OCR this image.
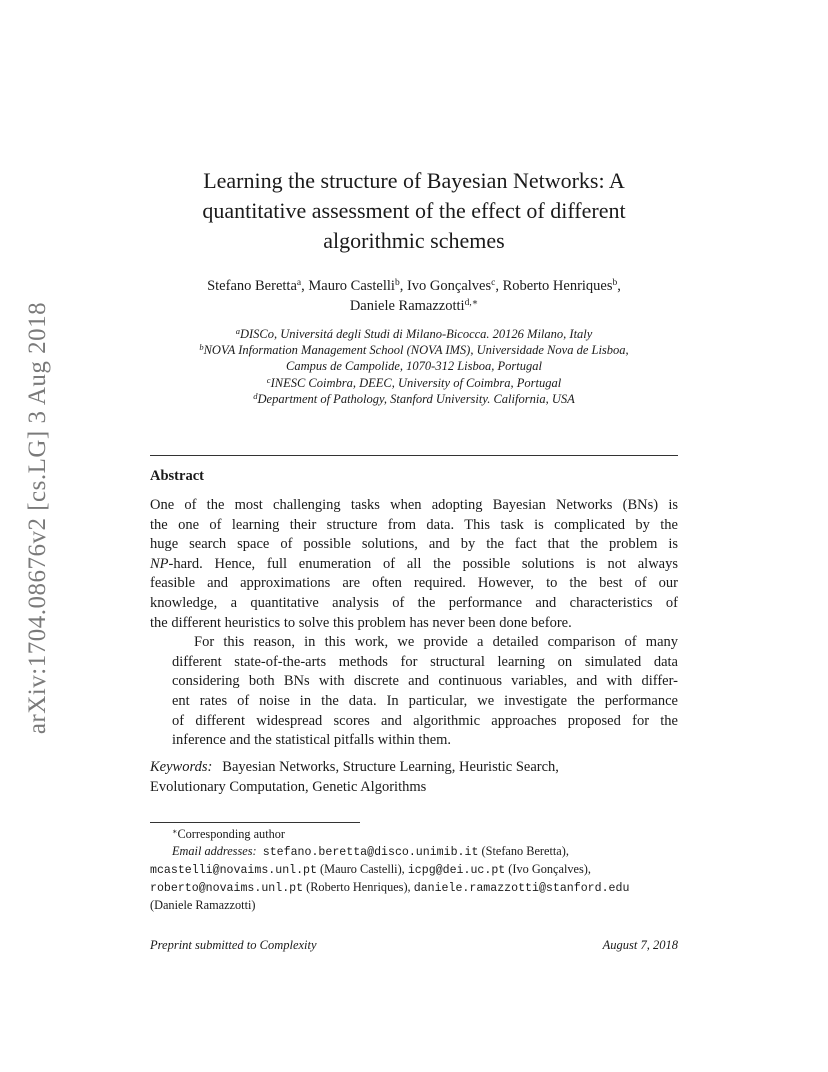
arXiv:1704.08676v2 [cs.LG] 3 Aug 2018
Learning the structure of Bayesian Networks: A
quantitative assessment of the effect of different
algorithmic schemes
Stefano Beretta$^a$, Mauro Castelli$^b$, Ivo Gonçalves$^c$, Roberto Henriques$^b$,
Daniele Ramazzotti$^{d,∗}$
$^a$DISCo, Universitá degli Studi di Milano-Bicocca. 20126 Milano, Italy
$^b$NOVA Information Management School (NOVA IMS), Universidade Nova de Lisboa,
Campus de Campolide, 1070-312 Lisboa, Portugal
$^c$INESC Coimbra, DEEC, University of Coimbra, Portugal
$^d$Department of Pathology, Stanford University. California, USA
Abstract

One of the most challenging tasks when adopting Bayesian Networks (BNs) is
the one of learning their structure from data. This task is complicated by the
huge search space of possible solutions, and by the fact that the problem is
NP-hard. Hence, full enumeration of all the possible solutions is not always
feasible and approximations are often required. However, to the best of our
knowledge, a quantitative analysis of the performance and characteristics of
the different heuristics to solve this problem has never been done before.

For this reason, in this work, we provide a detailed comparison of many
different state-of-the-arts methods for structural learning on simulated data
considering both BNs with discrete and continuous variables, and with differ-
ent rates of noise in the data. In particular, we investigate the performance
of different widespread scores and algorithmic approaches proposed for the
inference and the statistical pitfalls within them.

Keywords: Bayesian Networks, Structure Learning, Heuristic Search,
Evolutionary Computation, Genetic Algorithms
∗Corresponding author
Email addresses: stefano.beretta@disco.unimib.it (Stefano Beretta),
mcastelli@novaims.unl.pt (Mauro Castelli), icpg@dei.uc.pt (Ivo Gonçalves),
roberto@novaims.unl.pt (Roberto Henriques), daniele.ramazzotti@stanford.edu
(Daniele Ramazzotti)
Preprint submitted to Complexity	August 7, 2018
